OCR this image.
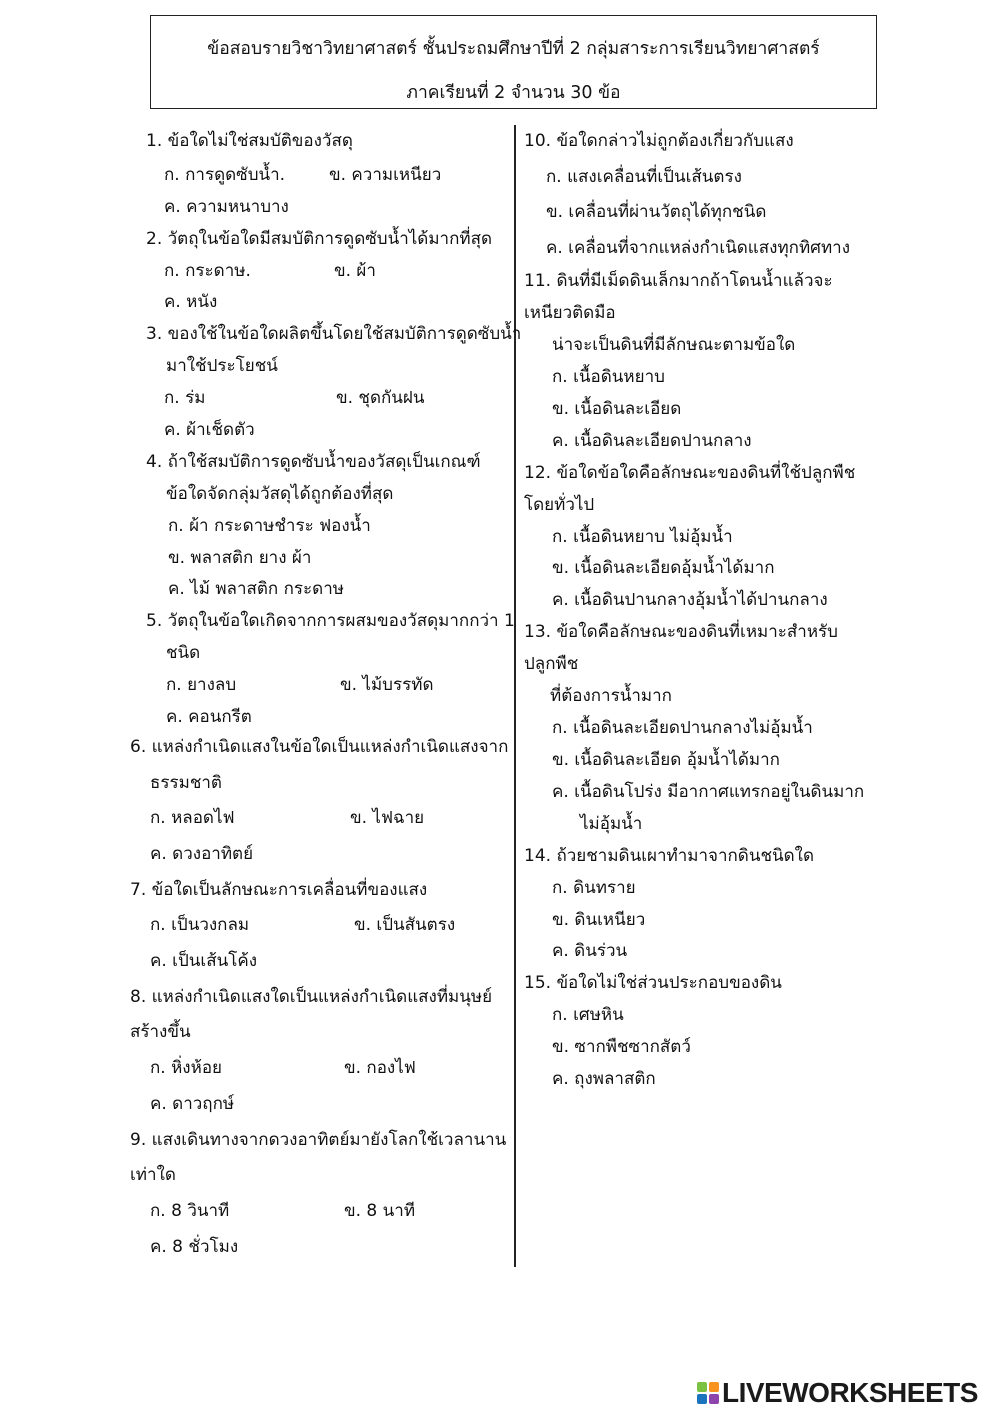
ข้อสอบรายวิชาวิทยาศาสตร์ ชั้นประถมศึกษาปีที่ 2 กลุ่มสาระการเรียนวิทยาศาสตร์
ภาคเรียนที่ 2 จำนวน 30 ข้อ
1. ข้อใดไม่ใช่สมบัติของวัสดุ
ก. การดูดซับน้ำ.	ข. ความเหนียว
ค. ความหนาบาง
2. วัตถุในข้อใดมีสมบัติการดูดซับน้ำได้มากที่สุด
ก. กระดาษ.	ข. ผ้า
ค. หนัง
3. ของใช้ในข้อใดผลิตขึ้นโดยใช้สมบัติการดูดซับน้ำ
มาใช้ประโยชน์
ก. ร่ม	ข. ชุดกันฝน
ค. ผ้าเช็ดตัว
4. ถ้าใช้สมบัติการดูดซับน้ำของวัสดุเป็นเกณฑ์
ข้อใดจัดกลุ่มวัสดุได้ถูกต้องที่สุด
ก. ผ้า กระดาษชำระ ฟองน้ำ
ข. พลาสติก ยาง ผ้า
ค. ไม้ พลาสติก กระดาษ
5. วัตถุในข้อใดเกิดจากการผสมของวัสดุมากกว่า 1
ชนิด
ก. ยางลบ	ข. ไม้บรรทัด
ค. คอนกรีต
6. แหล่งกำเนิดแสงในข้อใดเป็นแหล่งกำเนิดแสงจาก
ธรรมชาติ
ก. หลอดไฟ	ข. ไฟฉาย
ค. ดวงอาทิตย์
7. ข้อใดเป็นลักษณะการเคลื่อนที่ของแสง
ก. เป็นวงกลม	ข. เป็นสันตรง
ค. เป็นเส้นโค้ง
8. แหล่งกำเนิดแสงใดเป็นแหล่งกำเนิดแสงที่มนุษย์
สร้างขึ้น
ก. หิ่งห้อย	ข. กองไฟ
ค. ดาวฤกษ์
9. แสงเดินทางจากดวงอาทิตย์มายังโลกใช้เวลานาน
เท่าใด
ก. 8 วินาที	ข. 8 นาที
ค. 8 ชั่วโมง
10. ข้อใดกล่าวไม่ถูกต้องเกี่ยวกับแสง
ก. แสงเคลื่อนที่เป็นเส้นตรง
ข. เคลื่อนที่ผ่านวัตถุได้ทุกชนิด
ค. เคลื่อนที่จากแหล่งกำเนิดแสงทุกทิศทาง
11. ดินที่มีเม็ดดินเล็กมากถ้าโดนน้ำแล้วจะ
เหนียวติดมือ
น่าจะเป็นดินที่มีลักษณะตามข้อใด
ก. เนื้อดินหยาบ
ข. เนื้อดินละเอียด
ค. เนื้อดินละเอียดปานกลาง
12. ข้อใดข้อใดคือลักษณะของดินที่ใช้ปลูกพืช
โดยทั่วไป
ก. เนื้อดินหยาบ ไม่อุ้มน้ำ
ข. เนื้อดินละเอียดอุ้มน้ำได้มาก
ค. เนื้อดินปานกลางอุ้มน้ำได้ปานกลาง
13. ข้อใดคือลักษณะของดินที่เหมาะสำหรับ
ปลูกพืช
ที่ต้องการน้ำมาก
ก. เนื้อดินละเอียดปานกลางไม่อุ้มน้ำ
ข. เนื้อดินละเอียด อุ้มน้ำได้มาก
ค. เนื้อดินโปร่ง มีอากาศแทรกอยู่ในดินมาก
ไม่อุ้มน้ำ
14. ถ้วยชามดินเผาทำมาจากดินชนิดใด
ก. ดินทราย
ข. ดินเหนียว
ค. ดินร่วน
15. ข้อใดไม่ใช่ส่วนประกอบของดิน
ก. เศษหิน
ข. ซากพืชซากสัตว์
ค. ถุงพลาสติก
LIVEWORKSHEETS
